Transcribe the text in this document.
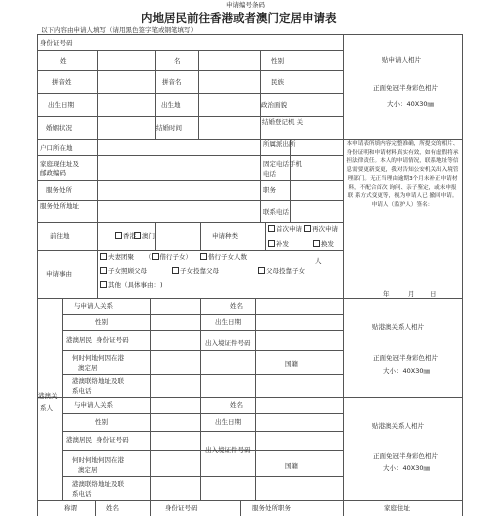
申请编号条码
内地居民前往香港或者澳门定居申请表
以下内容由申请人填写（请用黑色签字笔或钢笔填写）
身份证号码
姓	名	性别
拼音姓	拼音名	民族
出生日期	出生地	政治面貌
婚姻状况	结婚时间
结婚登记机 关
贴申请人相片
正面免冠半身彩色相片
大小：40X30㎜
户口所在地	所属派出所
家庭现住址及
邮政编码
固定电话手机
电话
服务处所	职务
服务处所地址
联系电话
本申请表所填内容完整准确，所提交的相片、身份证明和申请材料真实有效，如有虚假将承担法律责任。本人的申请情况，联系地址等信息需要更新变更，我对告知公安机关出入境管理部门。无正当理由逾期3个月未补正申请材料，不配合首次 询问、亲子鉴定，或未申报联 系方式变更等，视为申请人已 撤回申请。申请人（监护人）签名：
年	月 日
前往地	香港 澳门	申请种类
首次申请	再次申请
补发	换发
申请事由
夫妻团聚 （ 偕行子女）	偕行子女人数	人
子女照顾父母	子女投靠父母	父母投靠子女
其他（具体事由： )
港澳关
系人
与申请人关系	姓名
性别	出生日期
港澳居民 身份证号码	出入境证件号码
何时何地何因在港
澳定居	国籍
港澳联络地址及联
系电话
贴港澳关系人相片
正面免冠半身彩色相片
大小：40X30㎜
与申请人关系	姓名
性别	出生日期
港澳居民 身份证号码
出入境证件号码
何时何地何因在港
澳定居	国籍
港澳联络地址及联
系电话
贴港澳关系人相片
正面免冠半身彩色相片
大小：40X30㎜
称谓	姓名	身份证号码	服务处所职务	家庭住址
